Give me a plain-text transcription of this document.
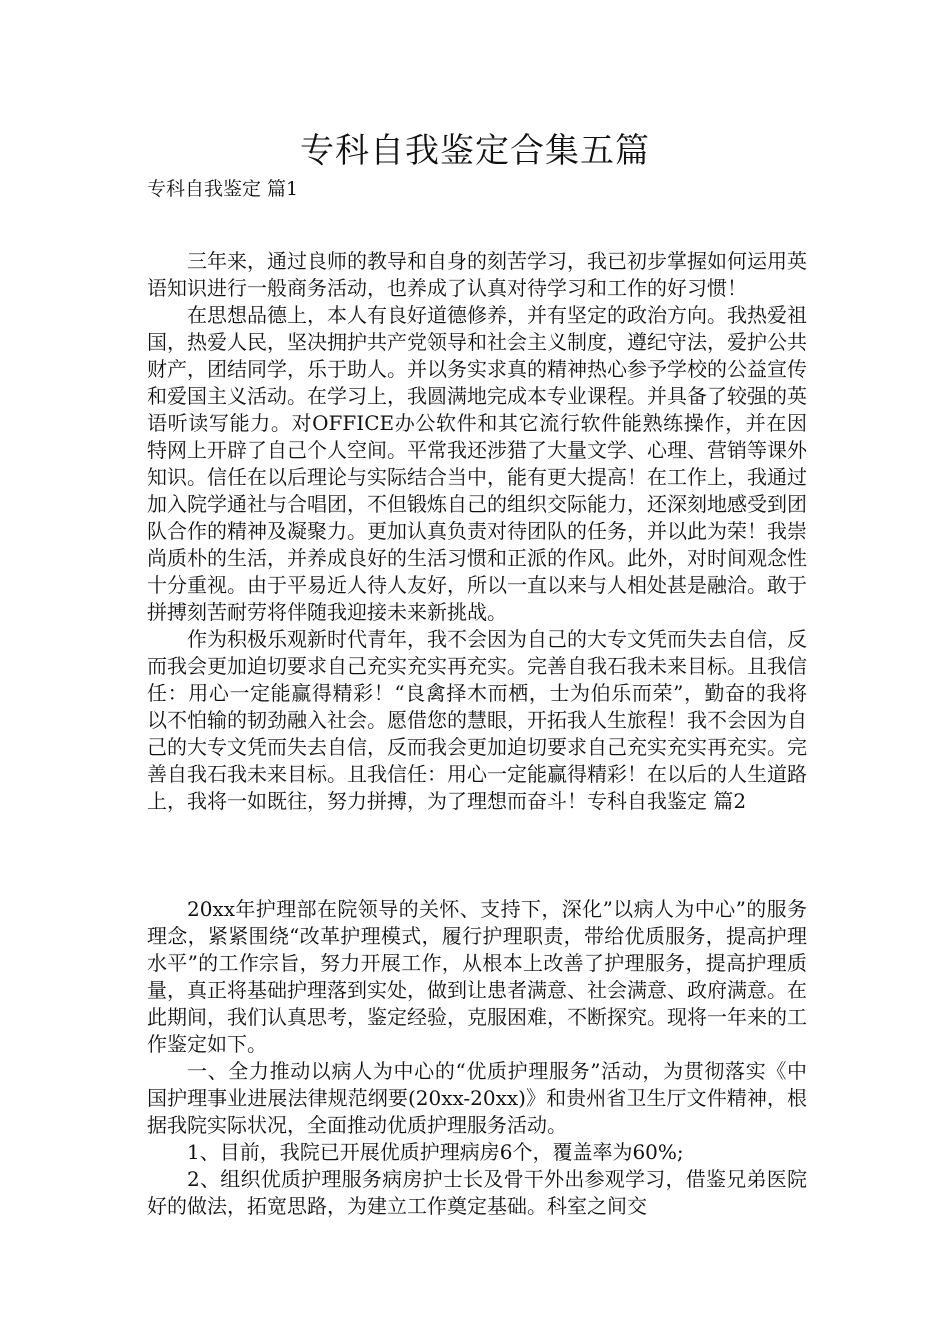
专科自我鉴定合集五篇
专科自我鉴定 篇1

三年来，通过良师的教导和自身的刻苦学习，我已初步掌握如何运用英语知识进行一般商务活动，也养成了认真对待学习和工作的好习惯！

在思想品德上，本人有良好道德修养，并有坚定的政治方向。我热爱祖国，热爱人民，坚决拥护共产党领导和社会主义制度，遵纪守法，爱护公共财产，团结同学，乐于助人。并以务实求真的精神热心参予学校的公益宣传和爱国主义活动。在学习上，我圆满地完成本专业课程。并具备了较强的英语听读写能力。对OFFICE办公软件和其它流行软件能熟练操作，并在因特网上开辟了自己个人空间。平常我还涉猎了大量文学、心理、营销等课外知识。信任在以后理论与实际结合当中，能有更大提高！在工作上，我通过加入院学通社与合唱团，不但锻炼自己的组织交际能力，还深刻地感受到团队合作的精神及凝聚力。更加认真负责对待团队的任务，并以此为荣！我崇尚质朴的生活，并养成良好的生活习惯和正派的作风。此外，对时间观念性十分重视。由于平易近人待人友好，所以一直以来与人相处甚是融洽。敢于拼搏刻苦耐劳将伴随我迎接未来新挑战。

作为积极乐观新时代青年，我不会因为自己的大专文凭而失去自信，反而我会更加迫切要求自己充实充实再充实。完善自我石我未来目标。且我信任：用心一定能赢得精彩！“良禽择木而栖，士为伯乐而荣”，勤奋的我将以不怕输的韧劲融入社会。愿借您的慧眼，开拓我人生旅程！我不会因为自己的大专文凭而失去自信，反而我会更加迫切要求自己充实充实再充实。完善自我石我未来目标。且我信任：用心一定能赢得精彩！在以后的人生道路上，我将一如既往，努力拼搏，为了理想而奋斗！专科自我鉴定 篇2

20xx年护理部在院领导的关怀、支持下，深化”以病人为中心”的服务理念，紧紧围绕“改革护理模式，履行护理职责，带给优质服务，提高护理水平”的工作宗旨，努力开展工作，从根本上改善了护理服务，提高护理质量，真正将基础护理落到实处，做到让患者满意、社会满意、政府满意。在此期间，我们认真思考，鉴定经验，克服困难，不断探究。现将一年来的工作鉴定如下。

一、全力推动以病人为中心的“优质护理服务”活动，为贯彻落实《中国护理事业进展法律规范纲要(20xx-20xx)》和贵州省卫生厅文件精神，根据我院实际状况，全面推动优质护理服务活动。

1、目前，我院已开展优质护理病房6个，覆盖率为60%;

2、组织优质护理服务病房护士长及骨干外出参观学习，借鉴兄弟医院好的做法，拓宽思路，为建立工作奠定基础。科室之间交
